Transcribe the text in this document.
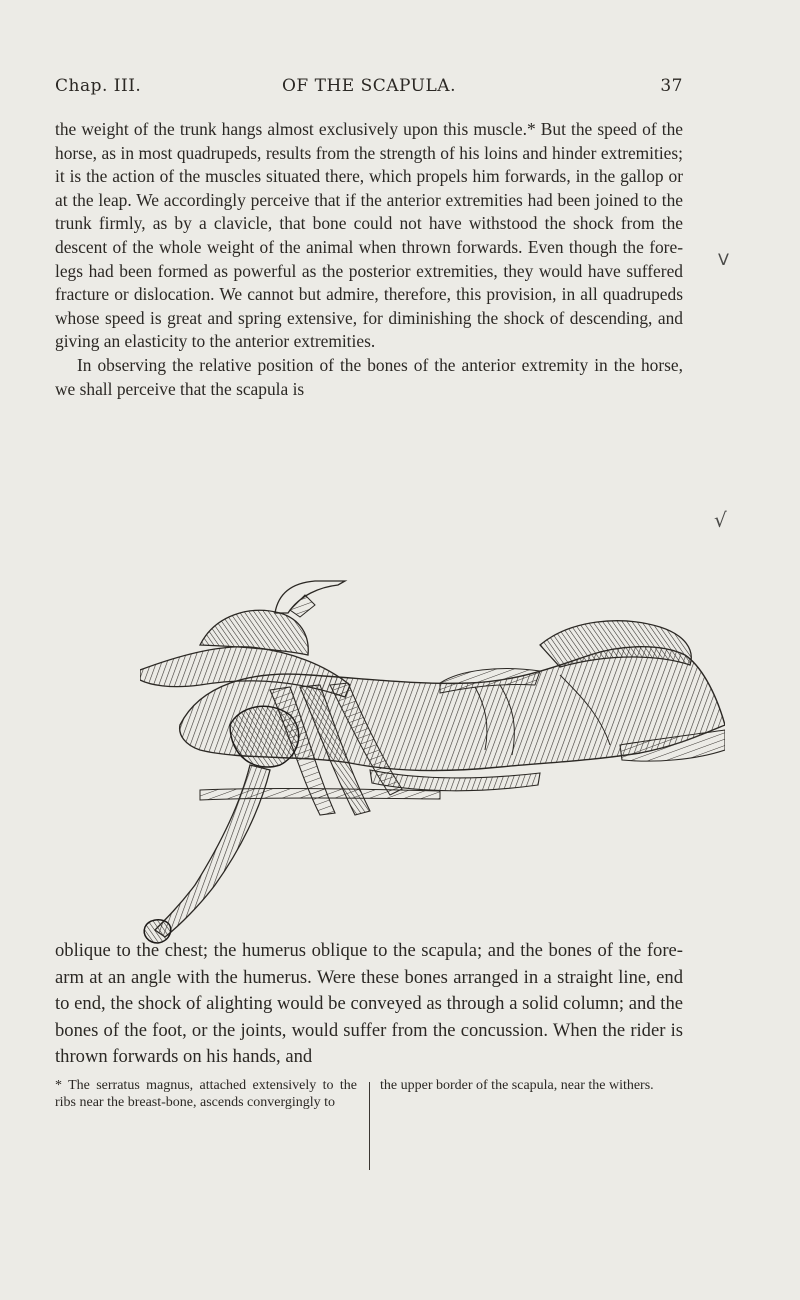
Chap. III.	OF THE SCAPULA.	37

the weight of the trunk hangs almost exclusively upon this muscle.* But the speed of the horse, as in most quadrupeds, results from the strength of his loins and hinder extremities; it is the action of the muscles situated there, which propels him forwards, in the gallop or at the leap. We accordingly perceive that if the anterior extremities had been joined to the trunk firmly, as by a clavicle, that bone could not have withstood the shock from the descent of the whole weight of the animal when thrown forwards. Even though the fore-legs had been formed as powerful as the posterior extremities, they would have suffered fracture or dislocation. We cannot but admire, therefore, this provision, in all quadrupeds whose speed is great and spring extensive, for diminishing the shock of descending, and giving an elasticity to the anterior extremities.

In observing the relative position of the bones of the anterior extremity in the horse, we shall perceive that the scapula is

V
√

oblique to the chest; the humerus oblique to the scapula; and the bones of the fore-arm at an angle with the humerus. Were these bones arranged in a straight line, end to end, the shock of alighting would be conveyed as through a solid column; and the bones of the foot, or the joints, would suffer from the concussion. When the rider is thrown forwards on his hands, and

* The serratus magnus, attached extensively to the ribs near the breast-bone, ascends convergingly to
the upper border of the scapula, near the withers.
